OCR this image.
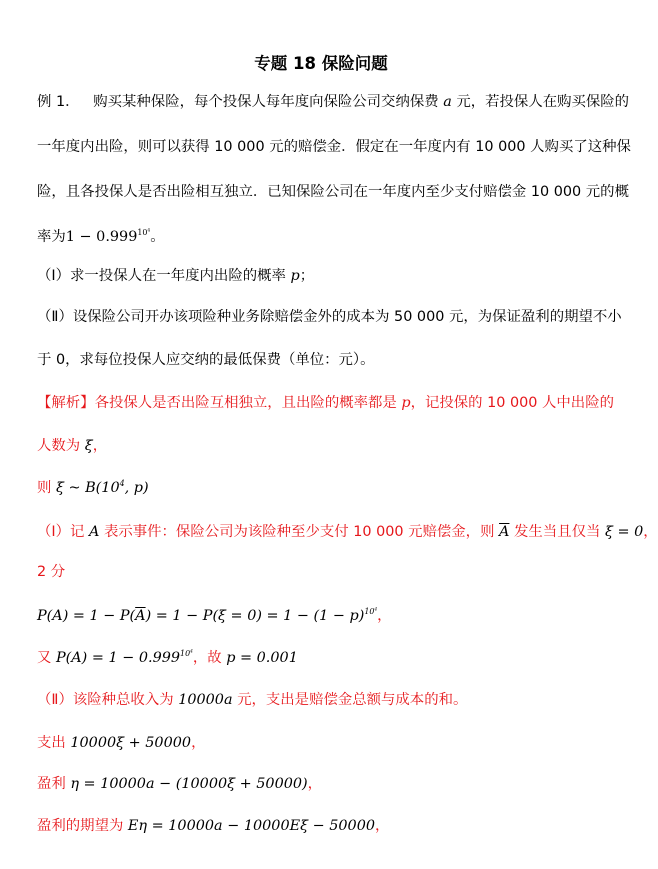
专题 18 保险问题
例 1．   购买某种保险，每个投保人每年度向保险公司交纳保费 a 元，若投保人在购买保险的
一年度内出险，则可以获得 10 000 元的赔偿金．假定在一年度内有 10 000 人购买了这种保
险，且各投保人是否出险相互独立．已知保险公司在一年度内至少支付赔偿金 10 000 元的概
率为$1 - 0.999^{10^4}$。
（Ⅰ）求一投保人在一年度内出险的概率 p；
（Ⅱ）设保险公司开办该项险种业务除赔偿金外的成本为 50 000 元，为保证盈利的期望不小
于 0，求每位投保人应交纳的最低保费（单位：元）。
【解析】各投保人是否出险互相独立，且出险的概率都是 p，记投保的 10 000 人中出险的
人数为 ξ，
则 ξ ~ $B(10^4$, p)
（Ⅰ）记 A 表示事件：保险公司为该险种至少支付 10 000 元赔偿金，则 $\overline{A}$ 发生当且仅当 ξ = 0，
2 分
$P(A) = 1 - P(\overline{A}) = 1 - P(\xi = 0) = 1 - (1 - p)^{10^4}$，
又 $P(A) = 1 - 0.999^{10^4}$，故 p = 0.001
（Ⅱ）该险种总收入为 10000a 元，支出是赔偿金总额与成本的和。
支出 10000ξ + 50000，
盈利 η = 10000a − (10000ξ + 50000)，
盈利的期望为 Eη = 10000a − 10000Eξ − 50000，
